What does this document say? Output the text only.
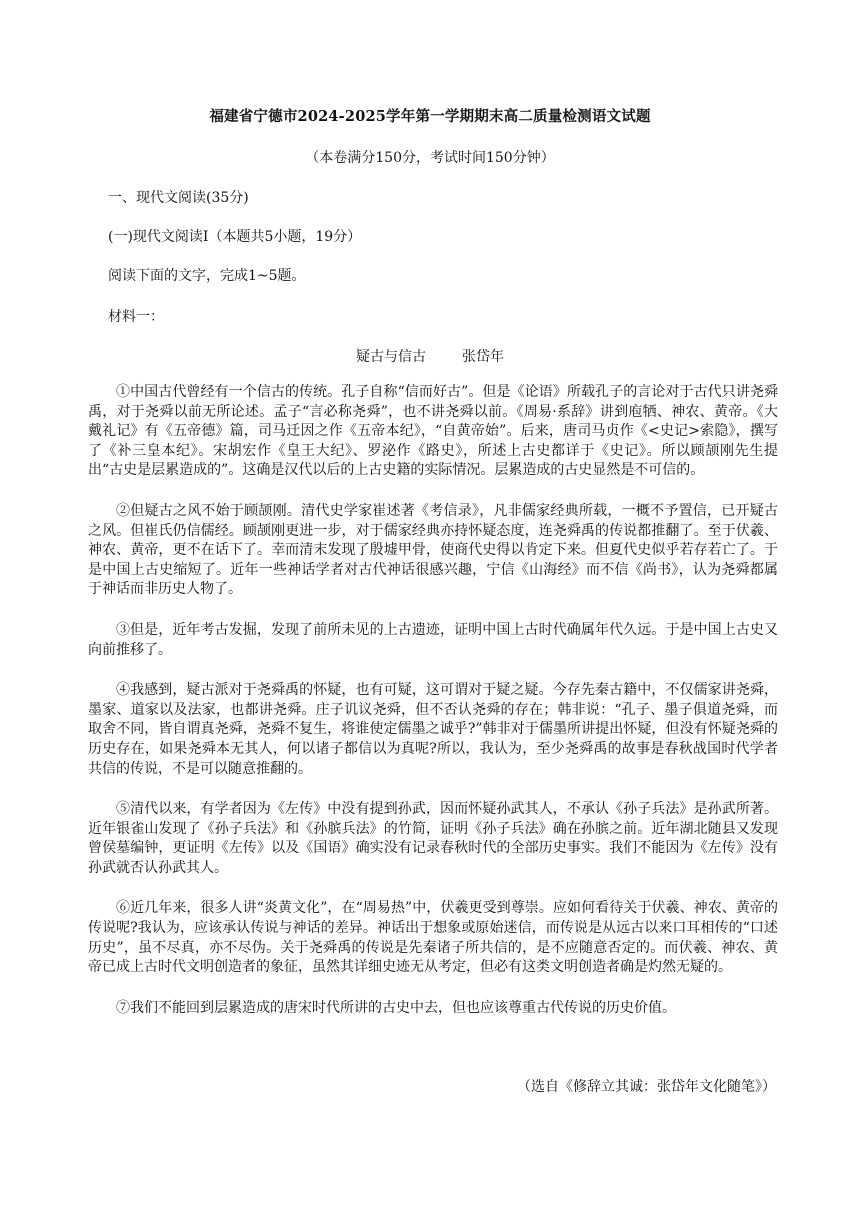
福建省宁德市2024-2025学年第一学期期末高二质量检测语文试题
（本卷满分150分，考试时间150分钟）
一、现代文阅读(35分)
(一)现代文阅读Ⅰ（本题共5小题，19分）
阅读下面的文字，完成1~5题。
材料一：
疑古与信古	张岱年

①中国古代曾经有一个信古的传统。孔子自称“信而好古”。但是《论语》所载孔子的言论对于古代只讲尧舜禹，对于尧舜以前无所论述。孟子“言必称尧舜”，也不讲尧舜以前。《周易·系辞》讲到庖牺、神农、黄帝。《大戴礼记》有《五帝德》篇，司马迁因之作《五帝本纪》，“自黄帝始”。后来，唐司马贞作《<史记>索隐》，撰写了《补三皇本纪》。宋胡宏作《皇王大纪》、罗泌作《路史》，所述上古史都详于《史记》。所以顾颉刚先生提出“古史是层累造成的”。这确是汉代以后的上古史籍的实际情况。层累造成的古史显然是不可信的。

②但疑古之风不始于顾颉刚。清代史学家崔述著《考信录》，凡非儒家经典所载，一概不予置信，已开疑古之风。但崔氏仍信儒经。顾颉刚更进一步，对于儒家经典亦持怀疑态度，连尧舜禹的传说都推翻了。至于伏羲、神农、黄帝，更不在话下了。幸而清末发现了殷墟甲骨，使商代史得以肯定下来。但夏代史似乎若存若亡了。于是中国上古史缩短了。近年一些神话学者对古代神话很感兴趣，宁信《山海经》而不信《尚书》，认为尧舜都属于神话而非历史人物了。

③但是，近年考古发掘，发现了前所未见的上古遗迹，证明中国上古时代确属年代久远。于是中国上古史又向前推移了。

④我感到，疑古派对于尧舜禹的怀疑，也有可疑，这可谓对于疑之疑。今存先秦古籍中，不仅儒家讲尧舜，墨家、道家以及法家，也都讲尧舜。庄子讥议尧舜，但不否认尧舜的存在；韩非说：“孔子、墨子俱道尧舜，而取舍不同，皆自谓真尧舜，尧舜不复生，将谁使定儒墨之诚乎?”韩非对于儒墨所讲提出怀疑，但没有怀疑尧舜的历史存在，如果尧舜本无其人，何以诸子都信以为真呢?所以，我认为，至少尧舜禹的故事是春秋战国时代学者共信的传说，不是可以随意推翻的。

⑤清代以来，有学者因为《左传》中没有提到孙武，因而怀疑孙武其人，不承认《孙子兵法》是孙武所著。近年银雀山发现了《孙子兵法》和《孙膑兵法》的竹简，证明《孙子兵法》确在孙膑之前。近年湖北随县又发现曾侯墓编钟，更证明《左传》以及《国语》确实没有记录春秋时代的全部历史事实。我们不能因为《左传》没有孙武就否认孙武其人。

⑥近几年来，很多人讲“炎黄文化”，在“周易热”中，伏羲更受到尊崇。应如何看待关于伏羲、神农、黄帝的传说呢?我认为，应该承认传说与神话的差异。神话出于想象或原始迷信，而传说是从远古以来口耳相传的“口述历史”，虽不尽真，亦不尽伪。关于尧舜禹的传说是先秦诸子所共信的，是不应随意否定的。而伏羲、神农、黄帝已成上古时代文明创造者的象征，虽然其详细史迹无从考定，但必有这类文明创造者确是灼然无疑的。

⑦我们不能回到层累造成的唐宋时代所讲的古史中去，但也应该尊重古代传说的历史价值。

（选自《修辞立其诚：张岱年文化随笔》）
